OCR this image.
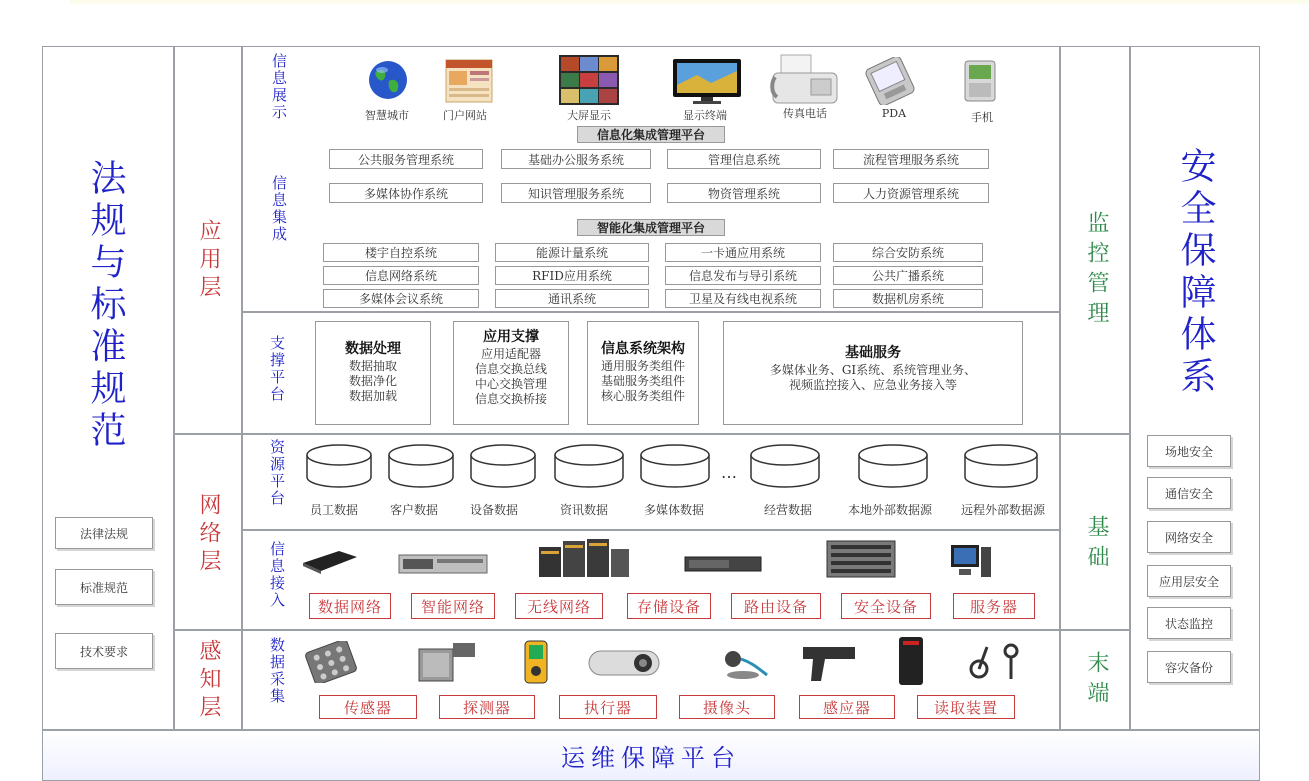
法规与标准规范
法律法规
标准规范
技术要求
应用层
网络层
感知层
信息展示
信息集成
智慧城市	门户网站	大屏显示	显示终端	传真电话	PDA	手机
信息化集成管理平台
公共服务管理系统	基础办公服务系统	管理信息系统	流程管理服务系统
多媒体协作系统	知识管理服务系统	物资管理系统	人力资源管理系统
智能化集成管理平台
楼宇自控系统	能源计量系统	一卡通应用系统	综合安防系统
信息网络系统	RFID应用系统	信息发布与导引系统	公共广播系统
多媒体会议系统	通讯系统	卫星及有线电视系统	数据机房系统
支撑平台	数据处理
数据抽取
数据净化
数据加载
应用支撑
应用适配器
信息交换总线
中心交换管理
信息交换桥接
信息系统架构
通用服务类组件
基础服务类组件
核心服务类组件
基础服务
多媒体业务、GI系统、系统管理业务、
视频监控接入、应急业务接入等
资源平台
员工数据	客户数据	设备数据	资讯数据	多媒体数据	经营数据	本地外部数据源	远程外部数据源
…
信息接入	数据网络	智能网络	无线网络	存储设备	路由设备	安全设备	服务器
数据采集
传感器	探测器	执行器	摄像头	感应器	读取装置
监控管理
基础
末端
安全保障体系
场地安全
通信安全
网络安全
应用层安全
状态监控
容灾备份
运维保障平台
